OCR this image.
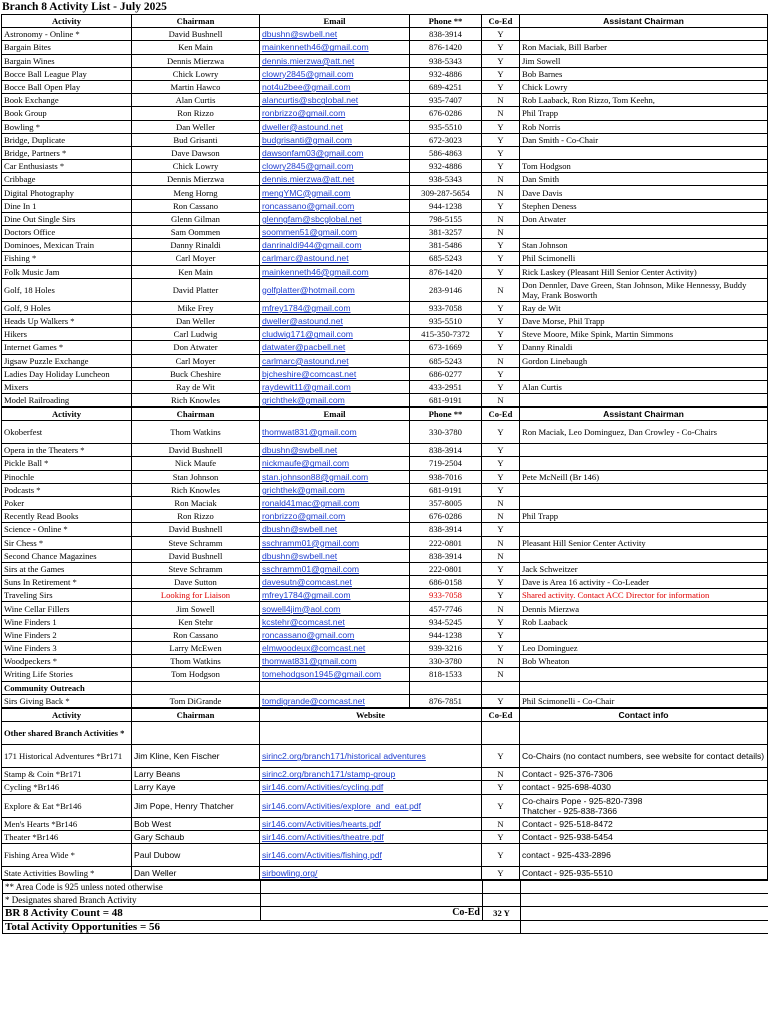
Branch 8 Activity List - July 2025
Activity	Chairman	Email	Phone **	Co-Ed	Assistant Chairman
Astronomy - Online *	David Bushnell	dbushn@swbell.net	838-3914	Y	
Bargain Bites	Ken Main	mainkenneth46@gmail.com	876-1420	Y	Ron Maciak, Bill Barber
Bargain Wines	Dennis Mierzwa	dennis.mierzwa@att.net	938-5343	Y	Jim Sowell
Bocce Ball League Play	Chick Lowry	clowry2845@gmail.com	932-4886	Y	Bob Barnes
Bocce Ball Open Play	Martin Hawco	not4u2bee@gmail.com	689-4251	Y	Chick Lowry
Book Exchange	Alan Curtis	alancurtis@sbcglobal.net	935-7407	N	Rob Laaback, Ron Rizzo, Tom Keehn,
Book Group	Ron Rizzo	ronbrizzo@gmail.com	676-0286	N	Phil Trapp
Bowling *	Dan Weller	dweller@astound.net	935-5510	Y	Rob Norris
Bridge, Duplicate	Bud Grisanti	budgrisanti@gmail.com	672-3023	Y	Dan Smith - Co-Chair
Bridge, Partners *	Dave Dawson	dawsonfam03@gmail.com	586-4863	Y	
Car Enthusiasts *	Chick Lowry	clowry2845@gmail.com	932-4886	Y	Tom Hodgson
Cribbage	Dennis Mierzwa	dennis.mierzwa@att.net	938-5343	N	Dan Smith
Digital Photography	Meng Horng	mengYMC@gmail.com	309-287-5654	N	Dave Davis
Dine In 1	Ron Cassano	roncassano@gmail.com	944-1238	Y	Stephen Deness
Dine Out Single Sirs	Glenn Gilman	glenngfam@sbcglobal.net	798-5155	N	Don Atwater
Doctors Office	Sam Oommen	soommen51@gmail.com	381-3257	N	
Dominoes, Mexican Train	Danny Rinaldi	danrinaldi944@gmail.com	381-5486	Y	Stan Johnson
Fishing *	Carl Moyer	carlmarc@astound.net	685-5243	Y	Phil Scimonelli
Folk Music Jam	Ken Main	mainkenneth46@gmail.com	876-1420	Y	Rick Laskey (Pleasant Hill Senior Center Activity)
Golf, 18 Holes	David Platter	golfplatter@hotmail.com	283-9146	N	Don Dennler, Dave Green, Stan Johnson, Mike Hennessy, Buddy May, Frank Bosworth
Golf, 9 Holes	Mike Frey	mfrey1784@gmail.com	933-7058	Y	Ray de Wit
Heads Up Walkers *	Dan Weller	dweller@astound.net	935-5510	Y	Dave Morse, Phil Trapp
Hikers	Carl Ludwig	cludwig171@gmail.com	415-350-7372	Y	Steve Moore, Mike Spink, Martin Simmons
Internet Games *	Don Atwater	datwater@pacbell.net	673-1669	Y	Danny Rinaldi
Jigsaw Puzzle Exchange	Carl Moyer	carlmarc@astound.net	685-5243	N	Gordon Linebaugh
Ladies Day Holiday Luncheon	Buck Cheshire	bjcheshire@comcast.net	686-0277	Y	
Mixers	Ray de Wit	raydewit11@gmail.com	433-2951	Y	Alan Curtis
Model Railroading	Rich Knowles	grichthek@gmail.com	681-9191	N	
Activity	Chairman	Email	Phone **	Co-Ed	Assistant Chairman
Okoberfest	Thom Watkins	thomwat831@gmail.com	330-3780	Y	Ron Maciak, Leo Dominguez, Dan Crowley - Co-Chairs
Opera in the Theaters *	David Bushnell	dbushn@swbell.net	838-3914	Y	
Pickle Ball *	Nick Maufe	nickmaufe@gmail.com	719-2504	Y	
Pinochle	Stan Johnson	stan.johnson88@gmail.com	938-7016	Y	Pete McNeill (Br 146)
Podcasts *	Rich Knowles	grichthek@gmail.com	681-9191	Y	
Poker	Ron Maciak	ronald41mac@gmail.com	357-8005	N	
Recently Read Books	Ron Rizzo	ronbrizzo@gmail.com	676-0286	N	Phil Trapp
Science - Online *	David Bushnell	dbushn@swbell.net	838-3914	Y	
Sir Chess *	Steve Schramm	sschramm01@gmail.com	222-0801	N	Pleasant Hill Senior Center Activity
Second Chance Magazines	David Bushnell	dbushn@swbell.net	838-3914	N	
Sirs at the Games	Steve Schramm	sschramm01@gmail.com	222-0801	Y	Jack Schweitzer
Suns In Retirement *	Dave Sutton	davesutn@comcast.net	686-0158	Y	Dave is Area 16 activity - Co-Leader
Traveling Sirs	Looking for Liaison	mfrey1784@gmail.com	933-7058	Y	Shared activity. Contact ACC Director for information
Wine Cellar Fillers	Jim Sowell	sowell4jim@aol.com	457-7746	N	Dennis Mierzwa
Wine Finders 1	Ken Stehr	kcstehr@comcast.net	934-5245	Y	Rob Laaback
Wine Finders 2	Ron Cassano	roncassano@gmail.com	944-1238	Y	
Wine Finders 3	Larry McEwen	elmwoodeux@comcast.net	939-3216	Y	Leo Dominguez
Woodpeckers *	Thom Watkins	thomwat831@gmail.com	330-3780	N	Bob Wheaton
Writing Life Stories	Tom Hodgson	tomehodgson1945@gmail.com	818-1533	N	
Community Outreach					
Sirs Giving Back *	Tom DiGrande	tomdigrande@comcast.net	876-7851	Y	Phil Scimonelli - Co-Chair
Activity	Chairman	Website	Co-Ed	Contact info
Other shared Branch Activities *				
171 Historical Adventures *Br171	Jim Kline, Ken Fischer	sirinc2.org/branch171/historical adventures	Y	Co-Chairs (no contact numbers, see website for contact details)
Stamp & Coin *Br171	Larry Beans	sirinc2.org/branch171/stamp-group	N	Contact - 925-376-7306
Cycling *Br146	Larry Kaye	sir146.com/Activities/cycling.pdf	Y	contact - 925-698-4030
Explore & Eat *Br146	Jim Pope, Henry Thatcher	sir146.com/Activities/explore_and_eat.pdf	Y	Co-chairs Pope - 925-820-7398
Thatcher - 925-838-7366
Men's Hearts *Br146	Bob West	sir146.com/Activities/hearts.pdf	N	Contact - 925-518-8472
Theater *Br146	Gary Schaub	sir146.com/Activities/theatre.pdf	Y	Contact - 925-938-5454
Fishing Area Wide *	Paul Dubow	sir146.com/Activities/fishing.pdf	Y	contact - 925-433-2896
State Activities Bowling *	Dan Weller	sirbowling.org/	Y	Contact - 925-935-5510
** Area Code is 925 unless noted otherwise			
* Designates shared Branch Activity			
BR 8 Activity Count = 48	Co-Ed	32 Y	
Total Activity Opportunities = 56			
